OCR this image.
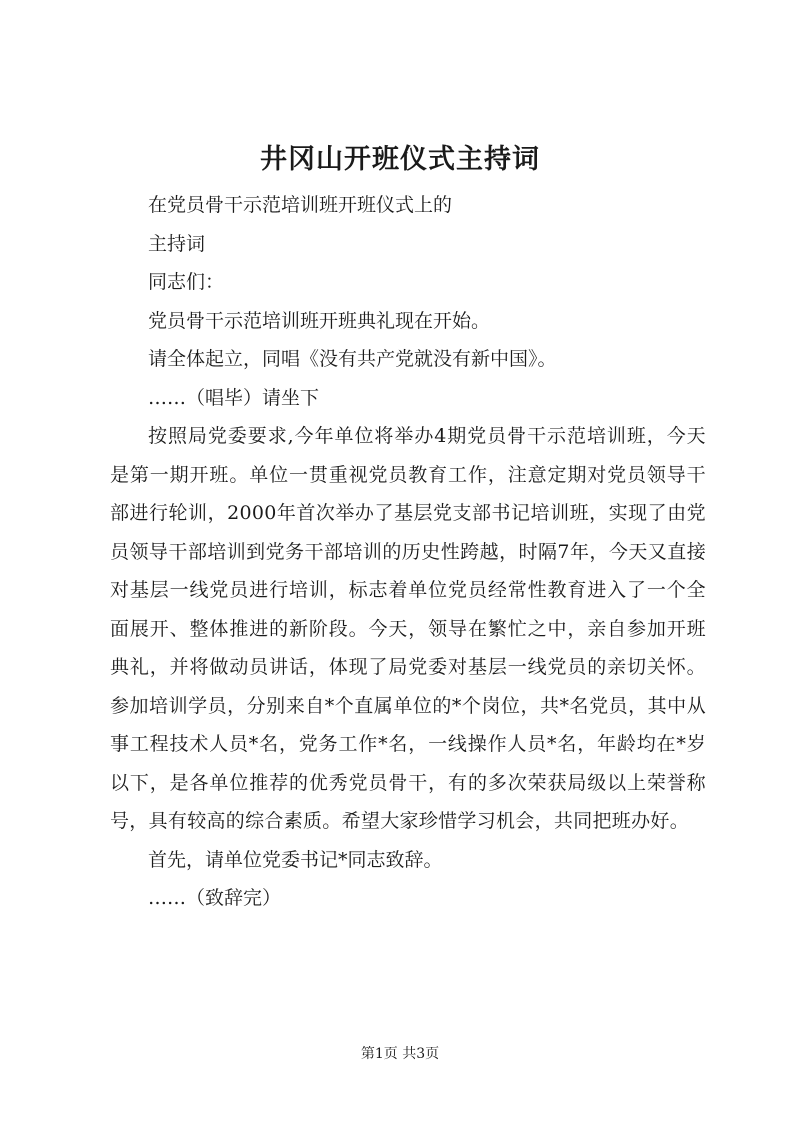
井冈山开班仪式主持词
在党员骨干示范培训班开班仪式上的
主持词
同志们：
党员骨干示范培训班开班典礼现在开始。
请全体起立，同唱《没有共产党就没有新中国》。
……（唱毕）请坐下

按照局党委要求,今年单位将举办4期党员骨干示范培训班，今天是第一期开班。单位一贯重视党员教育工作，注意定期对党员领导干部进行轮训，2000年首次举办了基层党支部书记培训班，实现了由党员领导干部培训到党务干部培训的历史性跨越，时隔7年，今天又直接对基层一线党员进行培训，标志着单位党员经常性教育进入了一个全面展开、整体推进的新阶段。今天，领导在繁忙之中，亲自参加开班典礼，并将做动员讲话，体现了局党委对基层一线党员的亲切关怀。参加培训学员，分别来自*个直属单位的*个岗位，共*名党员，其中从事工程技术人员*名，党务工作*名，一线操作人员*名，年龄均在*岁以下，是各单位推荐的优秀党员骨干，有的多次荣获局级以上荣誉称号，具有较高的综合素质。希望大家珍惜学习机会，共同把班办好。

首先，请单位党委书记*同志致辞。
……（致辞完）
第1页 共3页
